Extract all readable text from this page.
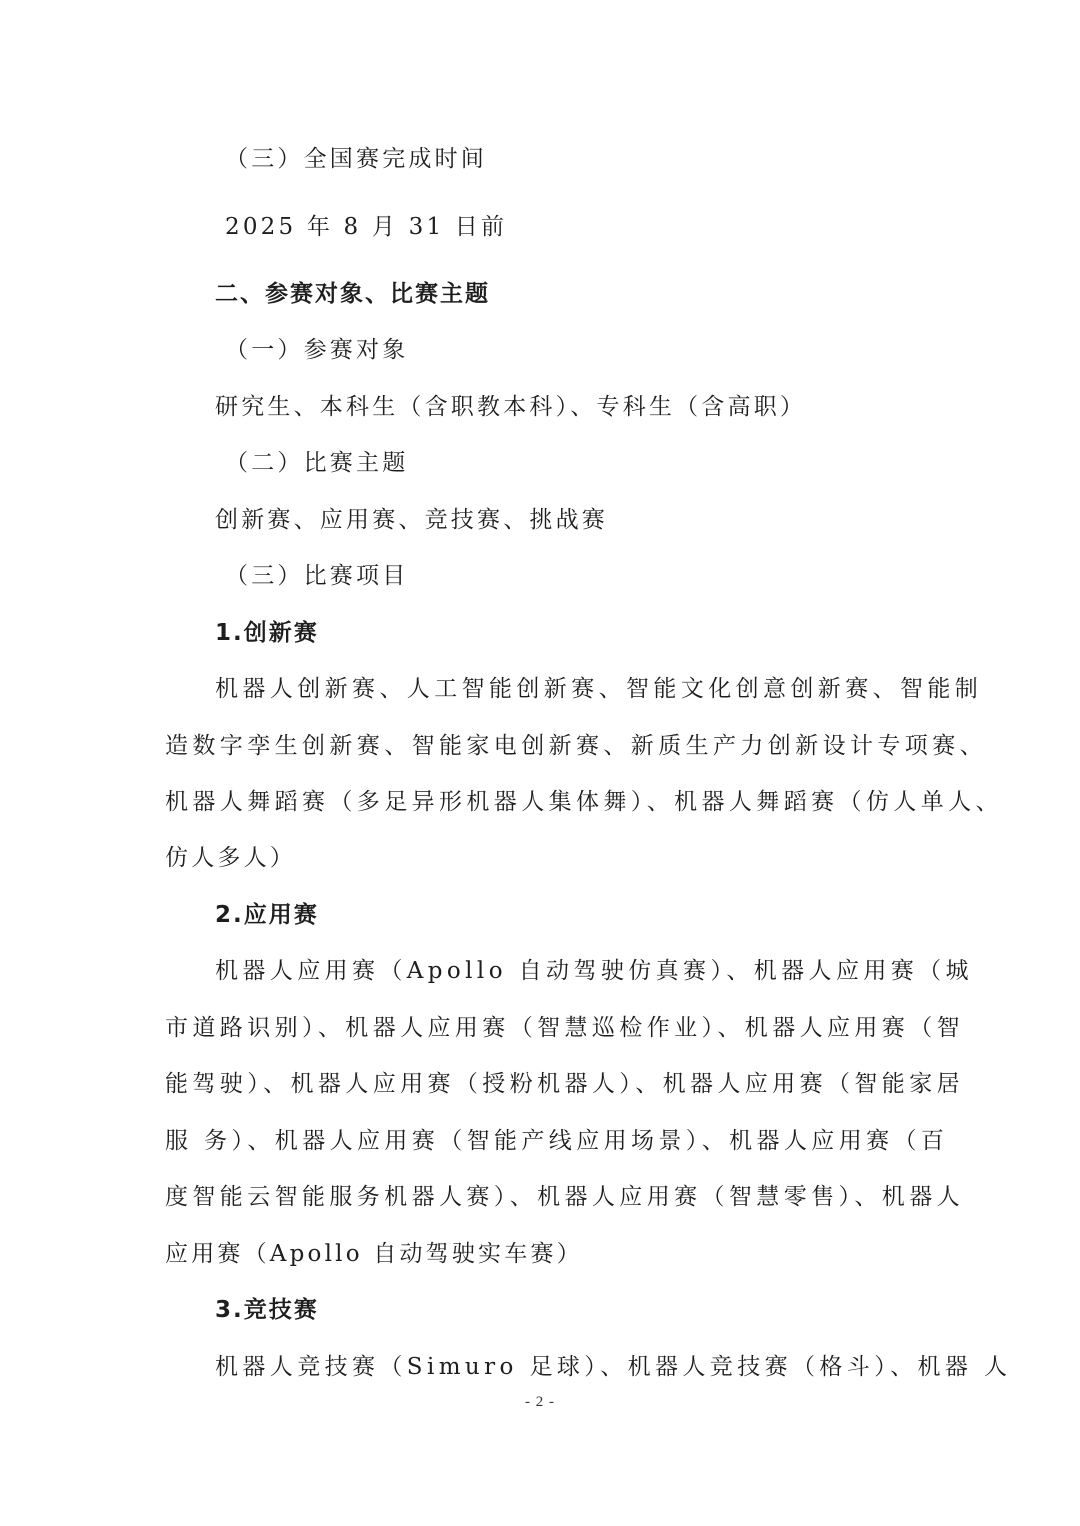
（三）全国赛完成时间
2025 年 8 月 31 日前
二、参赛对象、比赛主题
（一）参赛对象
研究生、本科生（含职教本科）、专科生（含高职）
（二）比赛主题
创新赛、应用赛、竞技赛、挑战赛
（三）比赛项目
1.创新赛
机器人创新赛、人工智能创新赛、智能文化创意创新赛、智能制
造数字孪生创新赛、智能家电创新赛、新质生产力创新设计专项赛、
机器人舞蹈赛（多足异形机器人集体舞）、机器人舞蹈赛（仿人单人、
仿人多人）
2.应用赛
机器人应用赛（Apollo 自动驾驶仿真赛）、机器人应用赛（城
市道路识别）、机器人应用赛（智慧巡检作业）、机器人应用赛（智
能驾驶）、机器人应用赛（授粉机器人）、机器人应用赛（智能家居
服 务）、机器人应用赛（智能产线应用场景）、机器人应用赛（百
度智能云智能服务机器人赛）、机器人应用赛（智慧零售）、机器人
应用赛（Apollo 自动驾驶实车赛）
3.竞技赛
机器人竞技赛（Simuro 足球）、机器人竞技赛（格斗）、机器 人
- 2 -
